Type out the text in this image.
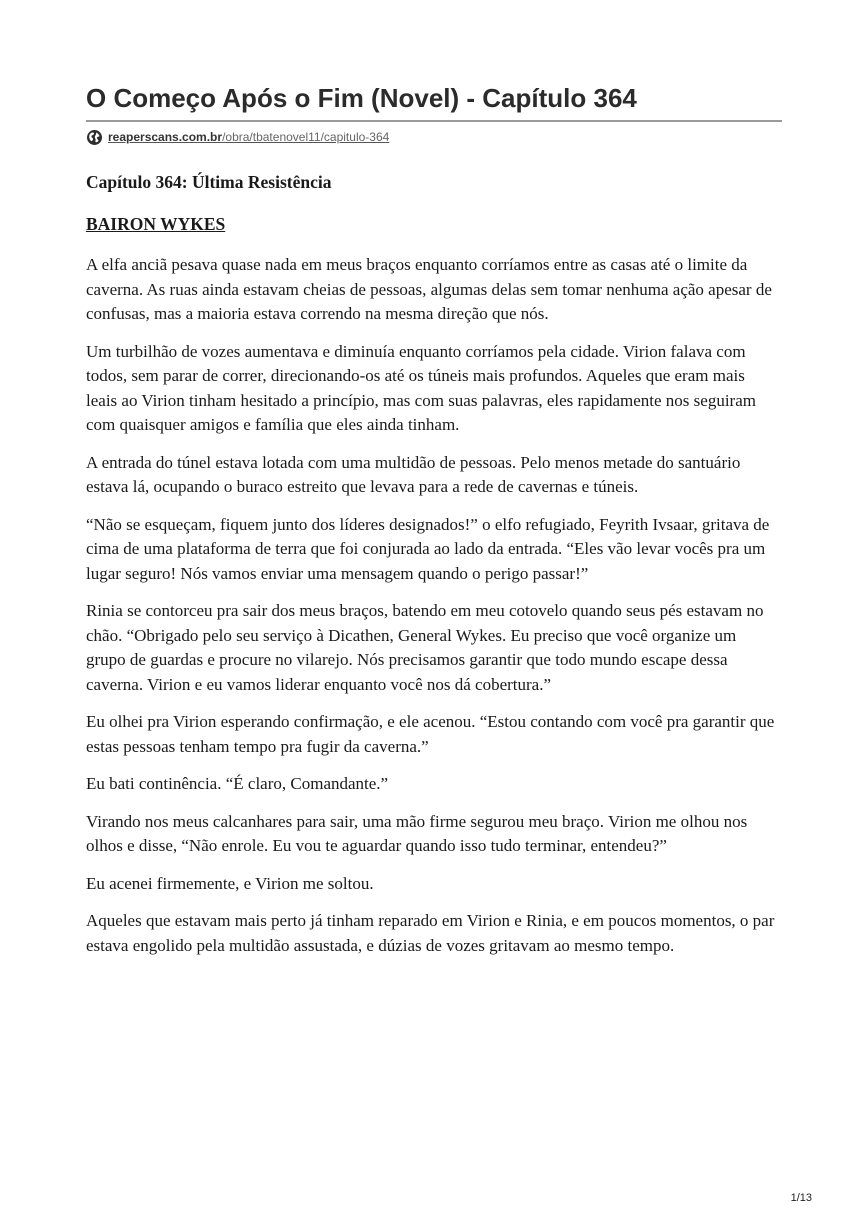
O Começo Após o Fim (Novel) - Capítulo 364
reaperscans.com.br/obra/tbatenovel11/capitulo-364

Capítulo 364: Última Resistência

BAIRON WYKES

A elfa anciã pesava quase nada em meus braços enquanto corríamos entre as casas até o limite da caverna. As ruas ainda estavam cheias de pessoas, algumas delas sem tomar nenhuma ação apesar de confusas, mas a maioria estava correndo na mesma direção que nós.

Um turbilhão de vozes aumentava e diminuía enquanto corríamos pela cidade. Virion falava com todos, sem parar de correr, direcionando-os até os túneis mais profundos. Aqueles que eram mais leais ao Virion tinham hesitado a princípio, mas com suas palavras, eles rapidamente nos seguiram com quaisquer amigos e família que eles ainda tinham.

A entrada do túnel estava lotada com uma multidão de pessoas. Pelo menos metade do santuário estava lá, ocupando o buraco estreito que levava para a rede de cavernas e túneis.

“Não se esqueçam, fiquem junto dos líderes designados!” o elfo refugiado, Feyrith Ivsaar, gritava de cima de uma plataforma de terra que foi conjurada ao lado da entrada. “Eles vão levar vocês pra um lugar seguro! Nós vamos enviar uma mensagem quando o perigo passar!”

Rinia se contorceu pra sair dos meus braços, batendo em meu cotovelo quando seus pés estavam no chão. “Obrigado pelo seu serviço à Dicathen, General Wykes. Eu preciso que você organize um grupo de guardas e procure no vilarejo. Nós precisamos garantir que todo mundo escape dessa caverna. Virion e eu vamos liderar enquanto você nos dá cobertura.”

Eu olhei pra Virion esperando confirmação, e ele acenou. “Estou contando com você pra garantir que estas pessoas tenham tempo pra fugir da caverna.”

Eu bati continência. “É claro, Comandante.”

Virando nos meus calcanhares para sair, uma mão firme segurou meu braço. Virion me olhou nos olhos e disse, “Não enrole. Eu vou te aguardar quando isso tudo terminar, entendeu?”

Eu acenei firmemente, e Virion me soltou.

Aqueles que estavam mais perto já tinham reparado em Virion e Rinia, e em poucos momentos, o par estava engolido pela multidão assustada, e dúzias de vozes gritavam ao mesmo tempo.

1/13
